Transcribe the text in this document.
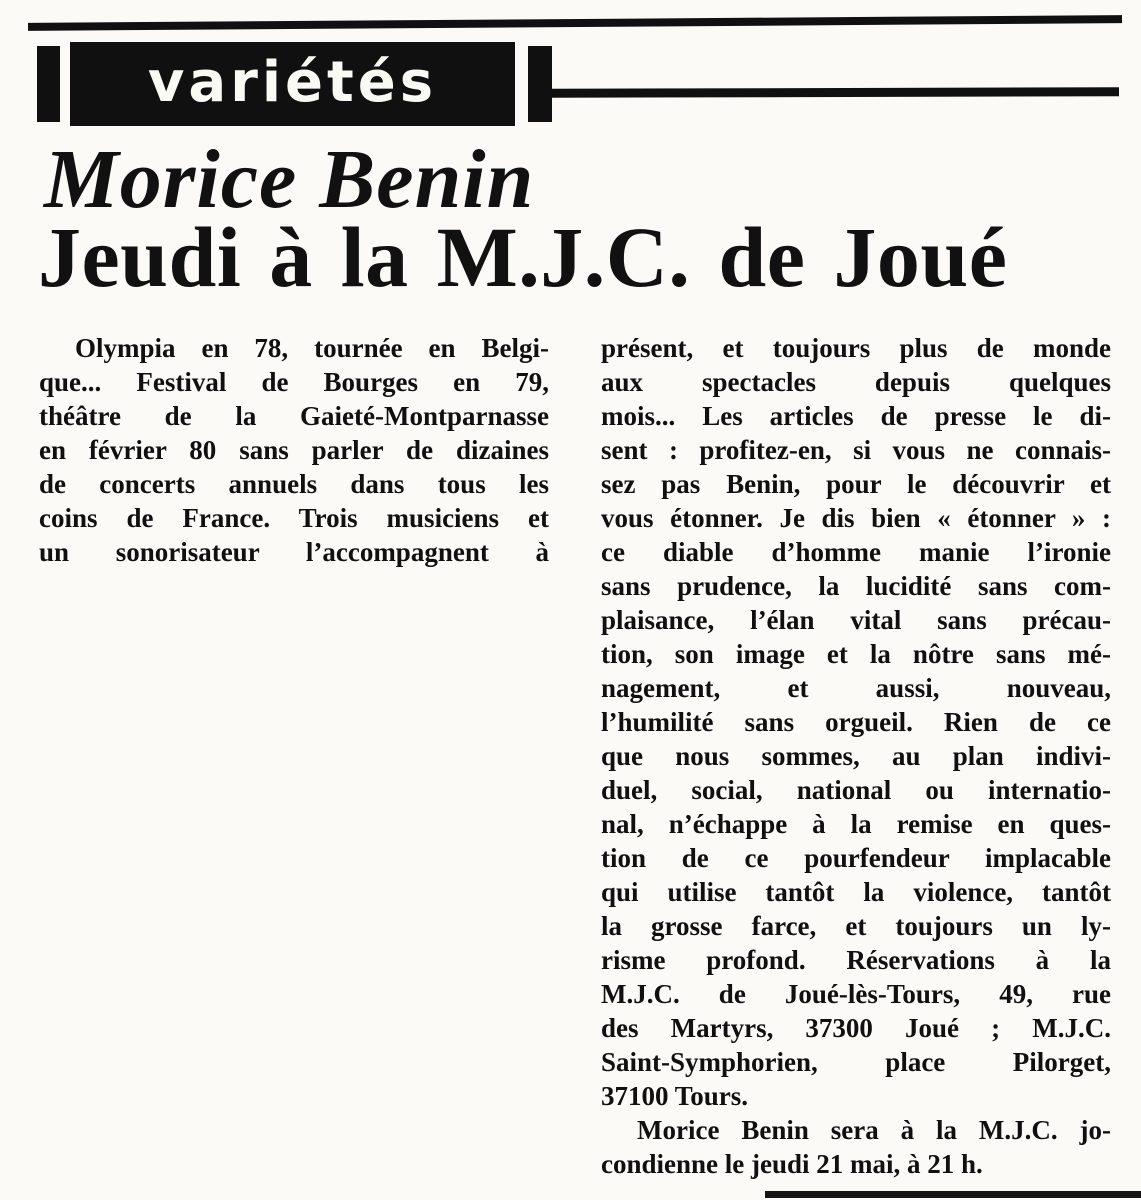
variétés
Morice Benin
Jeudi à la M.J.C. de Joué
Olympia en 78, tournée en Belgi-
que... Festival de Bourges en 79,
théâtre de la Gaieté-Montparnasse
en février 80 sans parler de dizaines
de concerts annuels dans tous les
coins de France. Trois musiciens et
un sonorisateur l’accompagnent à
présent, et toujours plus de monde
aux spectacles depuis quelques
mois... Les articles de presse le di-
sent : profitez-en, si vous ne connais-
sez pas Benin, pour le découvrir et
vous étonner. Je dis bien « étonner » :
ce diable d’homme manie l’ironie
sans prudence, la lucidité sans com-
plaisance, l’élan vital sans précau-
tion, son image et la nôtre sans mé-
nagement, et aussi, nouveau,
l’humilité sans orgueil. Rien de ce
que nous sommes, au plan indivi-
duel, social, national ou internatio-
nal, n’échappe à la remise en ques-
tion de ce pourfendeur implacable
qui utilise tantôt la violence, tantôt
la grosse farce, et toujours un ly-
risme profond. Réservations à la
M.J.C. de Joué-lès-Tours, 49, rue
des Martyrs, 37300 Joué ; M.J.C.
Saint-Symphorien, place Pilorget,
37100 Tours.
Morice Benin sera à la M.J.C. jo-
condienne le jeudi 21 mai, à 21 h.
